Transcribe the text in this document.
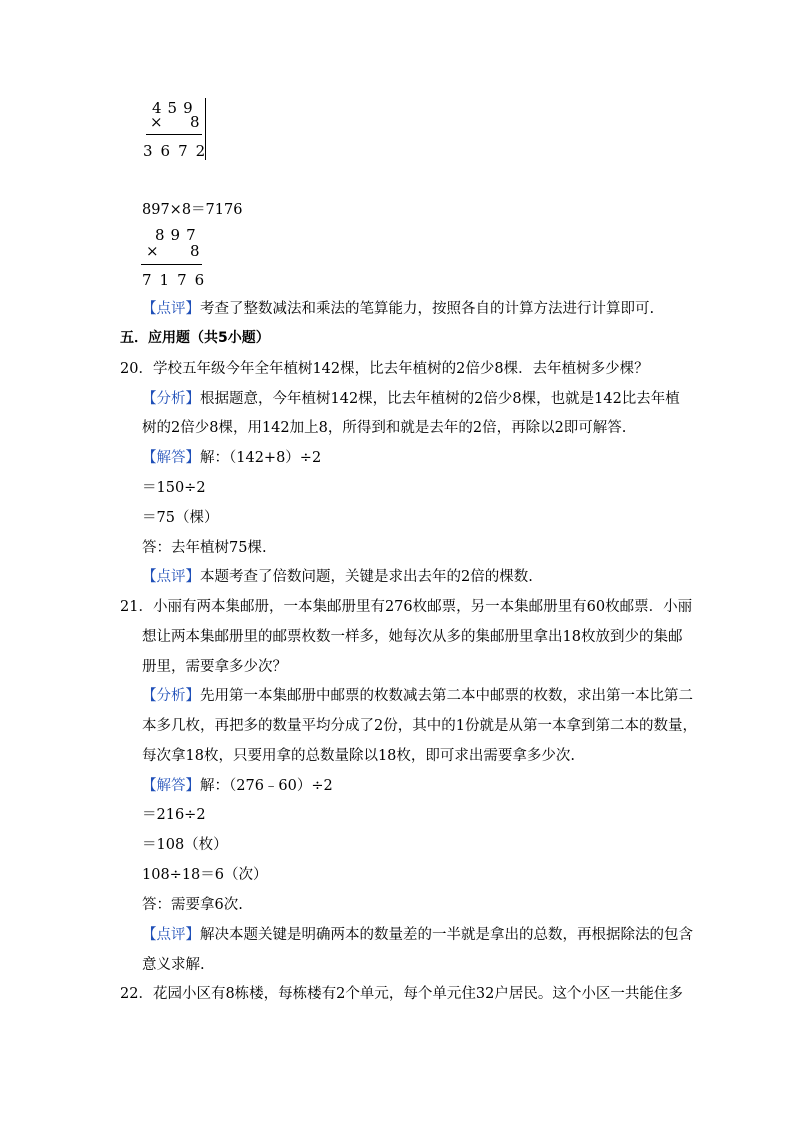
459
× 8
3672
897×8＝7176
897
× 8
7176
【点评】考查了整数减法和乘法的笔算能力，按照各自的计算方法进行计算即可.
五．应用题（共5小题）
20．学校五年级今年全年植树142棵，比去年植树的2倍少8棵．去年植树多少棵？
【分析】根据题意，今年植树142棵，比去年植树的2倍少8棵，也就是142比去年植
树的2倍少8棵，用142加上8，所得到和就是去年的2倍，再除以2即可解答.
【解答】解：（142+8）÷2
＝150÷2
＝75（棵）
答：去年植树75棵.
【点评】本题考查了倍数问题，关键是求出去年的2倍的棵数.
21．小丽有两本集邮册，一本集邮册里有276枚邮票，另一本集邮册里有60枚邮票．小丽
想让两本集邮册里的邮票枚数一样多，她每次从多的集邮册里拿出18枚放到少的集邮
册里，需要拿多少次？
【分析】先用第一本集邮册中邮票的枚数减去第二本中邮票的枚数，求出第一本比第二
本多几枚，再把多的数量平均分成了2份，其中的1份就是从第一本拿到第二本的数量，
每次拿18枚，只要用拿的总数量除以18枚，即可求出需要拿多少次.
【解答】解：（276﹣60）÷2
＝216÷2
＝108（枚）
108÷18＝6（次）
答：需要拿6次.
【点评】解决本题关键是明确两本的数量差的一半就是拿出的总数，再根据除法的包含
意义求解.
22．花园小区有8栋楼，每栋楼有2个单元，每个单元住32户居民。这个小区一共能住多
